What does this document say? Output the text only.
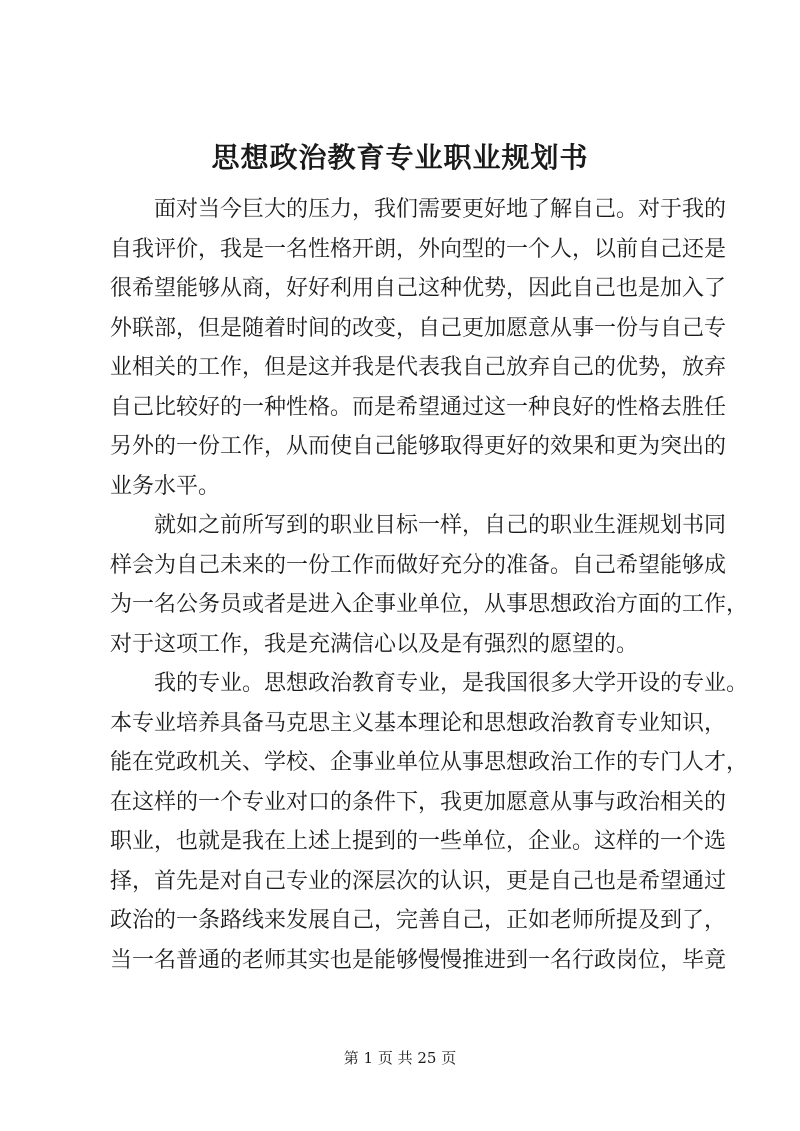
思想政治教育专业职业规划书
面对当今巨大的压力，我们需要更好地了解自己。对于我的
自我评价，我是一名性格开朗，外向型的一个人，以前自己还是
很希望能够从商，好好利用自己这种优势，因此自己也是加入了
外联部，但是随着时间的改变，自己更加愿意从事一份与自己专
业相关的工作，但是这并我是代表我自己放弃自己的优势，放弃
自己比较好的一种性格。而是希望通过这一种良好的性格去胜任
另外的一份工作，从而使自己能够取得更好的效果和更为突出的
业务水平。
就如之前所写到的职业目标一样，自己的职业生涯规划书同
样会为自己未来的一份工作而做好充分的准备。自己希望能够成
为一名公务员或者是进入企事业单位，从事思想政治方面的工作，
对于这项工作，我是充满信心以及是有强烈的愿望的。
我的专业。思想政治教育专业，是我国很多大学开设的专业。
本专业培养具备马克思主义基本理论和思想政治教育专业知识，
能在党政机关、学校、企事业单位从事思想政治工作的专门人才，
在这样的一个专业对口的条件下，我更加愿意从事与政治相关的
职业，也就是我在上述上提到的一些单位，企业。这样的一个选
择，首先是对自己专业的深层次的认识，更是自己也是希望通过
政治的一条路线来发展自己，完善自己，正如老师所提及到了，
当一名普通的老师其实也是能够慢慢推进到一名行政岗位，毕竟
第 1 页 共 25 页
